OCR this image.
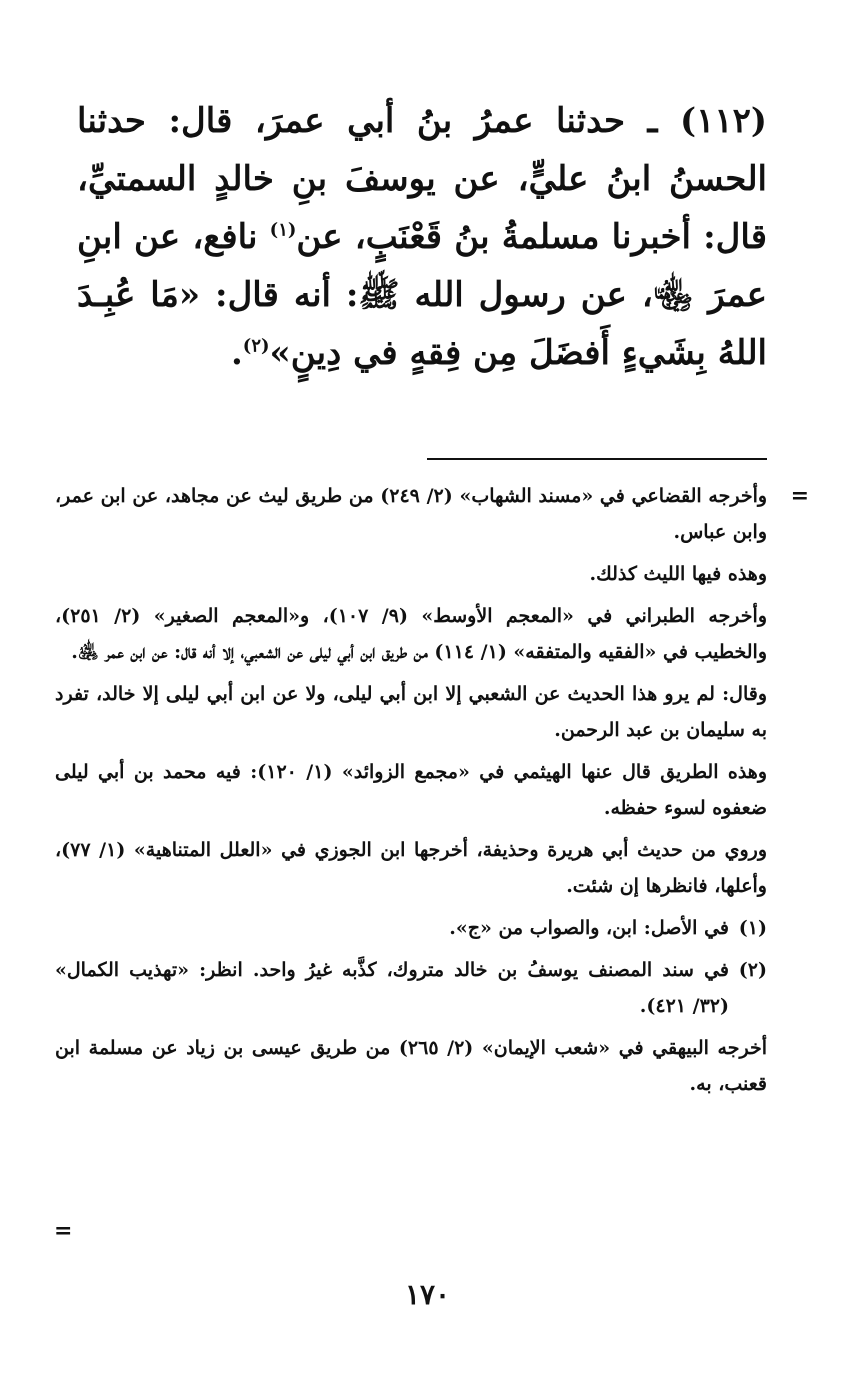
(١١٢) ـ حدثنا عمرُ بنُ أبي عمرَ، قال: حدثنا الحسنُ ابنُ عليٍّ، عن يوسفَ بنِ خالدٍ السمتيِّ، قال: أخبرنا مسلمةُ بنُ قَعْنَبٍ، عن$^{(١)}$ نافع، عن ابنِ عمرَ ﵄، عن رسول الله ﷺ: أنه قال: «مَا عُبِـدَ اللهُ بِشَيءٍ أَفضَلَ مِن فِقهٍ في دِينٍ»$^{(٢)}$.

=

وأخرجه القضاعي في «مسند الشهاب» (٢/ ٢٤٩) من طريق ليث عن مجاهد، عن ابن عمر، وابن عباس.

وهذه فيها الليث كذلك.

وأخرجه الطبراني في «المعجم الأوسط» (٩/ ١٠٧)، و«المعجم الصغير» (٢/ ٢٥١)، والخطيب في «الفقيه والمتفقه» (١/ ١١٤) من طريق ابن أبي ليلى عن الشعبي، إلا أنه قال: عن ابن عمر ﵁.

وقال: لم يرو هذا الحديث عن الشعبي إلا ابن أبي ليلى، ولا عن ابن أبي ليلى إلا خالد، تفرد به سليمان بن عبد الرحمن.

وهذه الطريق قال عنها الهيثمي في «مجمع الزوائد» (١/ ١٢٠): فيه محمد بن أبي ليلى ضعفوه لسوء حفظه.

وروي من حديث أبي هريرة وحذيفة، أخرجها ابن الجوزي في «العلل المتناهية» (١/ ٧٧)، وأعلها، فانظرها إن شئت.

(١)
في الأصل: ابن، والصواب من «ج».

(٢)
في سند المصنف يوسفُ بن خالد متروك، كذَّبه غيرُ واحد. انظر: «تهذيب الكمال» (٣٢/ ٤٢١).

أخرجه البيهقي في «شعب الإيمان» (٢/ ٢٦٥) من طريق عيسى بن زياد عن مسلمة ابن قعنب، به.

=
١٧٠
